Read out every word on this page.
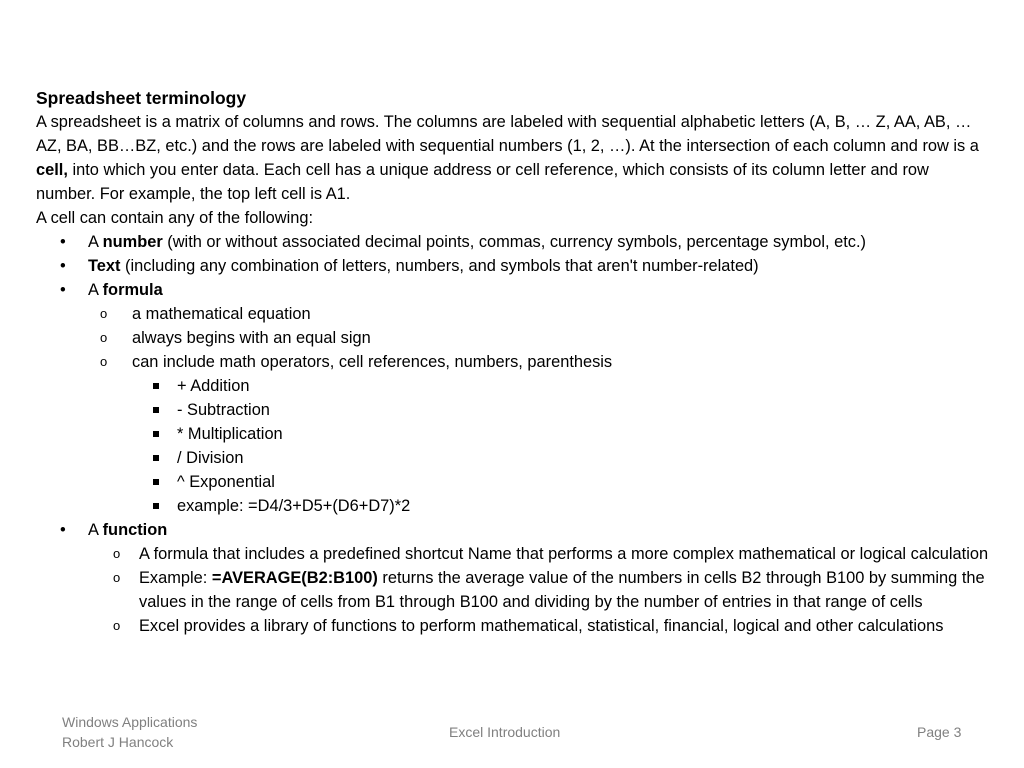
Spreadsheet terminology

A spreadsheet is a matrix of columns and rows. The columns are labeled with sequential alphabetic letters (A, B, … Z, AA, AB, …AZ, BA, BB…BZ, etc.) and the rows are labeled with sequential numbers (1, 2, …). At the intersection of each column and row is a cell, into which you enter data. Each cell has a unique address or cell reference, which consists of its column letter and row number. For example, the top left cell is A1.

A cell can contain any of the following:

• A number (with or without associated decimal points, commas, currency symbols, percentage symbol, etc.)
• Text (including any combination of letters, numbers, and symbols that aren't number-related)
• A formula
o a mathematical equation
o always begins with an equal sign
o can include math operators, cell references, numbers, parenthesis
+ Addition
- Subtraction
* Multiplication
/ Division
^ Exponential
example: =D4/3+D5+(D6+D7)*2
• A function
o A formula that includes a predefined shortcut Name that performs a more complex mathematical or logical calculation
o Example: =AVERAGE(B2:B100) returns the average value of the numbers in cells B2 through B100 by summing the values in the range of cells from B1 through B100 and dividing by the number of entries in that range of cells
o Excel provides a library of functions to perform mathematical, statistical, financial, logical and other calculations
Windows Applications
Robert J Hancock
Excel Introduction	Page 3
